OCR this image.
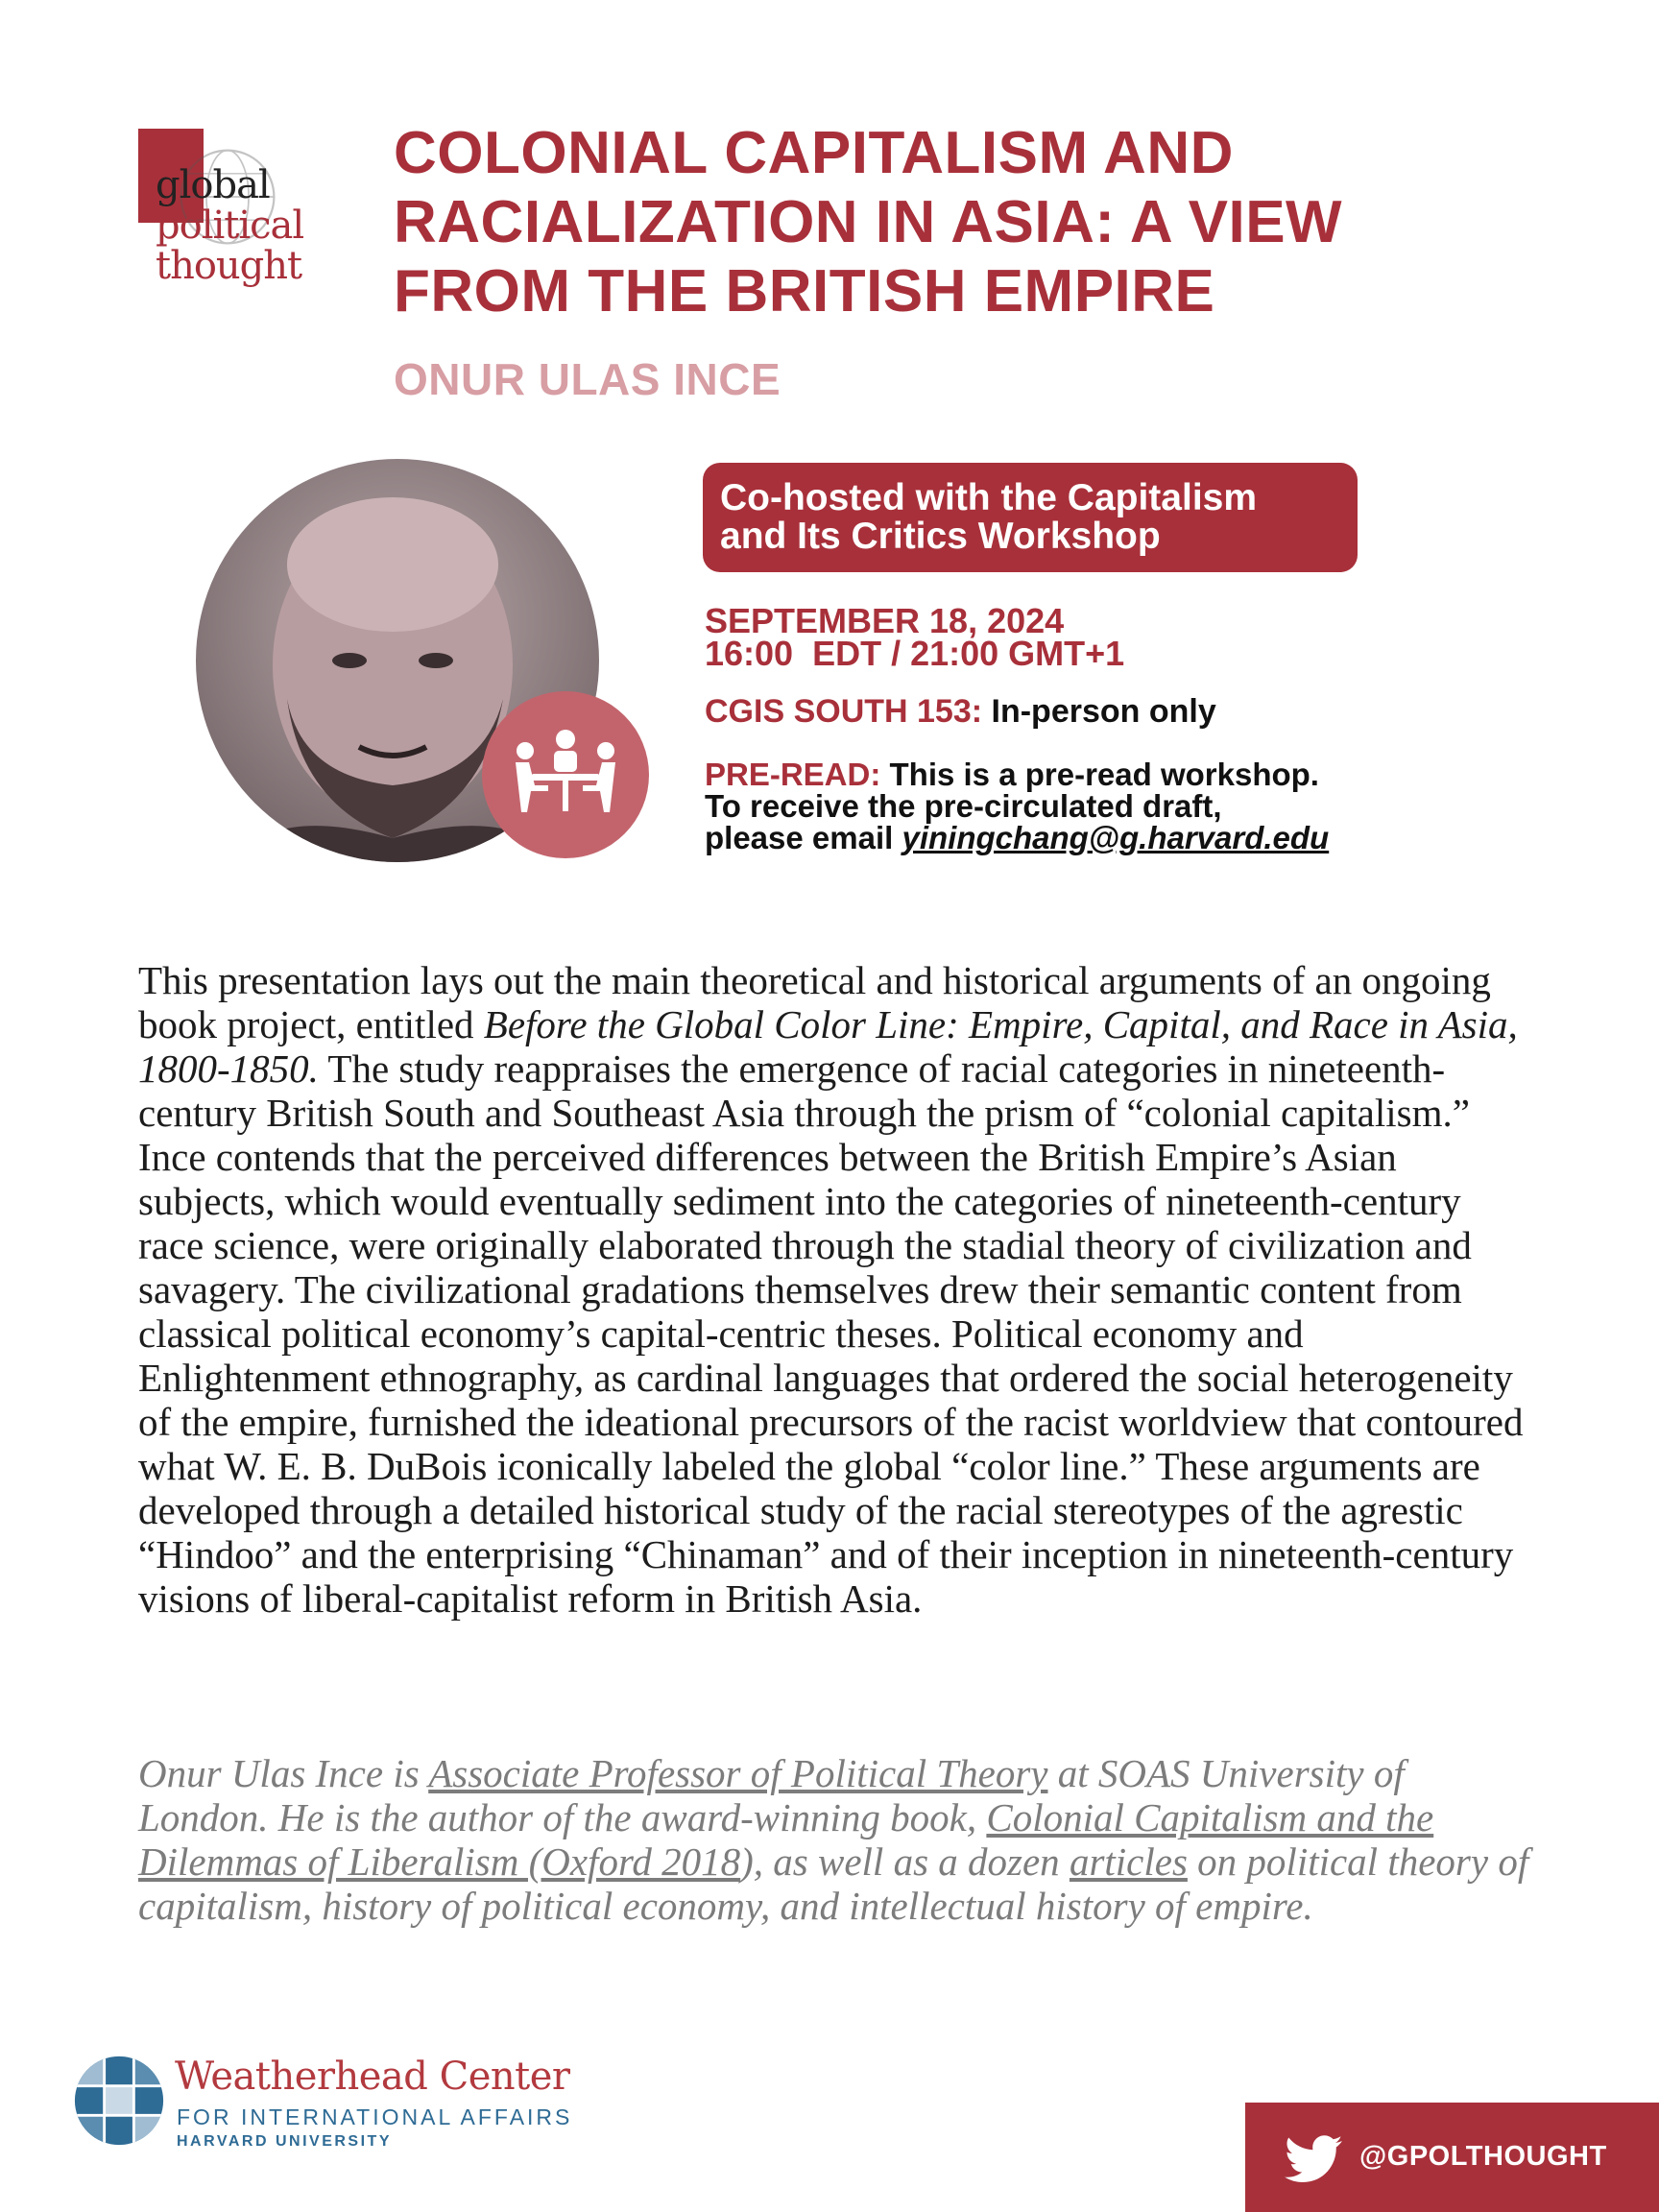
global
political
thought
COLONIAL CAPITALISM AND RACIALIZATION IN ASIA: A VIEW FROM THE BRITISH EMPIRE
ONUR ULAS INCE
Co-hosted with the Capitalism
and Its Critics Workshop
SEPTEMBER 18, 2024
16:00  EDT / 21:00 GMT+1
CGIS SOUTH 153: In-person only
PRE-READ: This is a pre-read workshop.
To receive the pre-circulated draft,
please email yiningchang@g.harvard.edu

This presentation lays out the main theoretical and historical arguments of an ongoing book project, entitled Before the Global Color Line: Empire, Capital, and Race in Asia, 1800-1850. The study reappraises the emergence of racial categories in nineteenth-century British South and Southeast Asia through the prism of “colonial capitalism.” Ince contends that the perceived differences between the British Empire’s Asian subjects, which would eventually sediment into the categories of nineteenth-century race science, were originally elaborated through the stadial theory of civilization and savagery. The civilizational gradations themselves drew their semantic content from classical political economy’s capital-centric theses. Political economy and Enlightenment ethnography, as cardinal languages that ordered the social heterogeneity of the empire, furnished the ideational precursors of the racist worldview that contoured what W. E. B. DuBois iconically labeled the global “color line.” These arguments are developed through a detailed historical study of the racial stereotypes of the agrestic “Hindoo” and the enterprising “Chinaman” and of their inception in nineteenth-century visions of liberal-capitalist reform in British Asia.

Onur Ulas Ince is Associate Professor of Political Theory at SOAS University of London. He is the author of the award-winning book, Colonial Capitalism and the Dilemmas of Liberalism (Oxford 2018), as well as a dozen articles on political theory of capitalism, history of political economy, and intellectual history of empire.

Weatherhead Center
FOR INTERNATIONAL AFFAIRS
HARVARD UNIVERSITY	@GPOLTHOUGHT
